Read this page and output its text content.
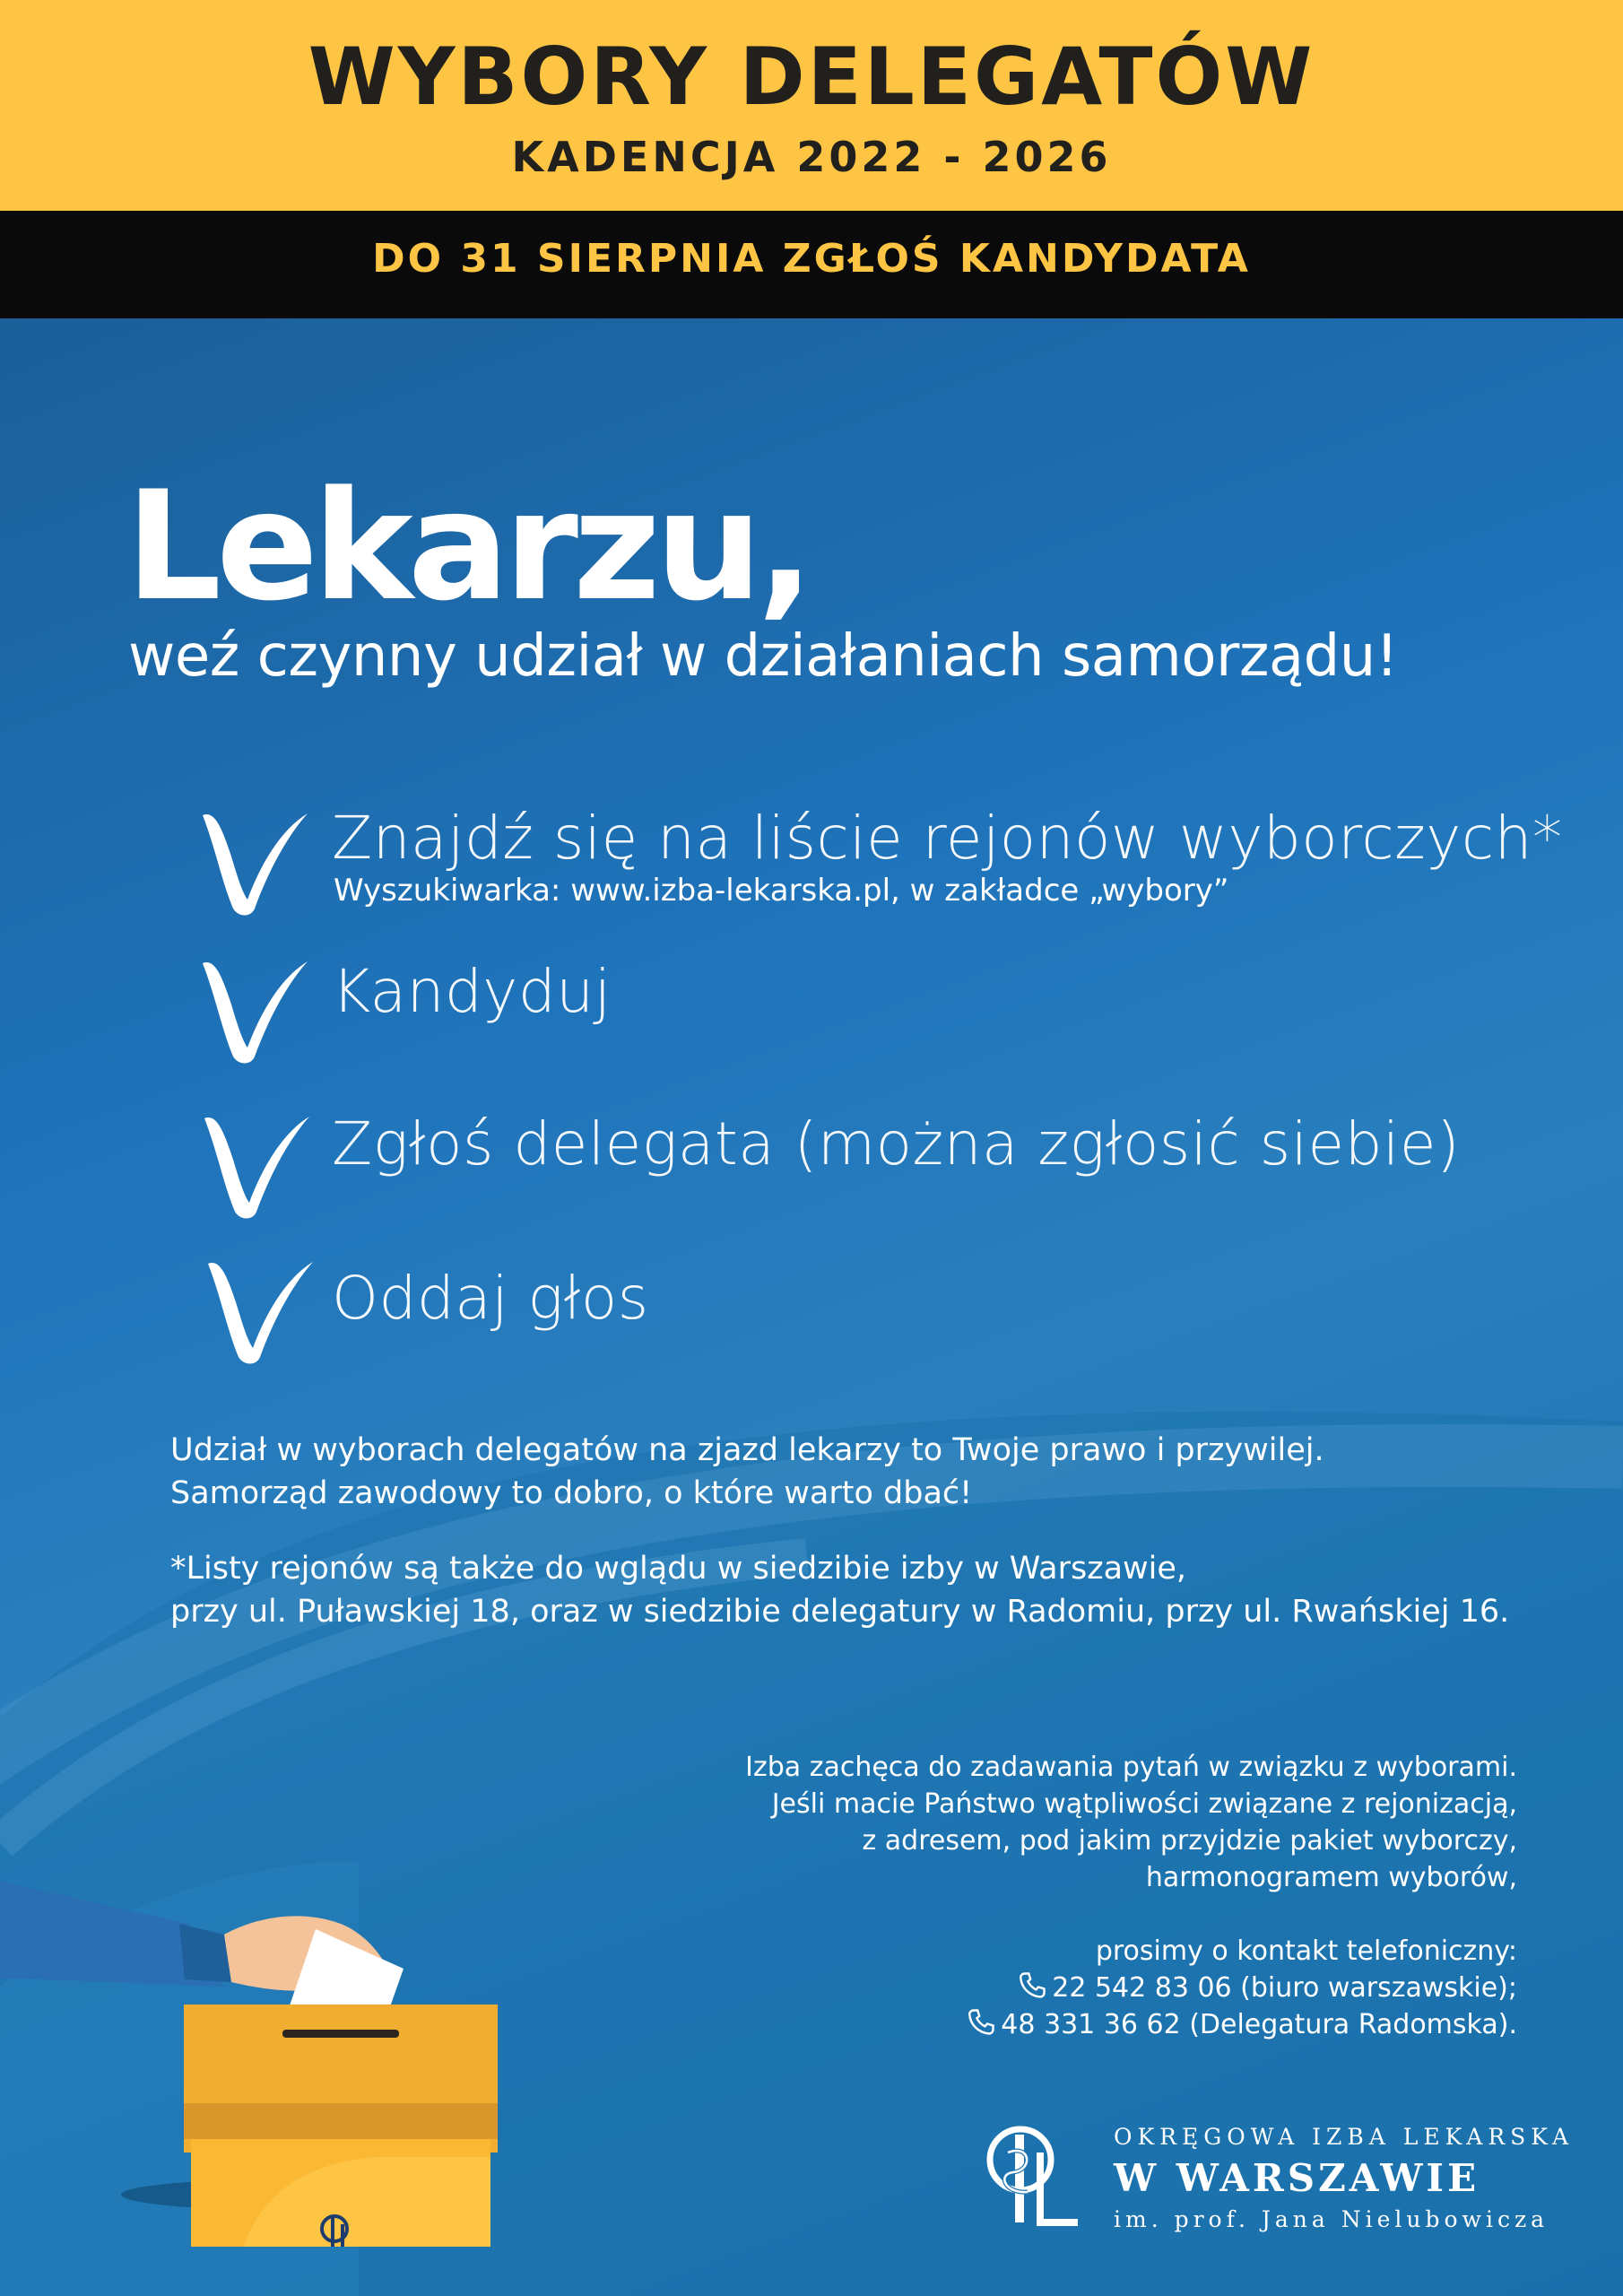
WYBORY DELEGATÓW
KADENCJA 2022 - 2026
DO 31 SIERPNIA ZGŁOŚ KANDYDATA
Lekarzu,
weź czynny udział w działaniach samorządu!
Znajdź się na liście rejonów wyborczych*
Wyszukiwarka: www.izba-lekarska.pl, w zakładce „wybory”
Kandyduj
Zgłoś delegata (można zgłosić siebie)
Oddaj głos
Udział w wyborach delegatów na zjazd lekarzy to Twoje prawo i przywilej.
Samorząd zawodowy to dobro, o które warto dbać!
*Listy rejonów są także do wglądu w siedzibie izby w Warszawie,
przy ul. Puławskiej 18, oraz w siedzibie delegatury w Radomiu, przy ul. Rwańskiej 16.
Izba zachęca do zadawania pytań w związku z wyborami.
Jeśli macie Państwo wątpliwości związane z rejonizacją,
z adresem, pod jakim przyjdzie pakiet wyborczy,
harmonogramem wyborów,
prosimy o kontakt telefoniczny:
22 542 83 06 (biuro warszawskie);
48 331 36 62 (Delegatura Radomska).
OKRĘGOWA IZBA LEKARSKA
W WARSZAWIE
im. prof. Jana Nielubowicza
